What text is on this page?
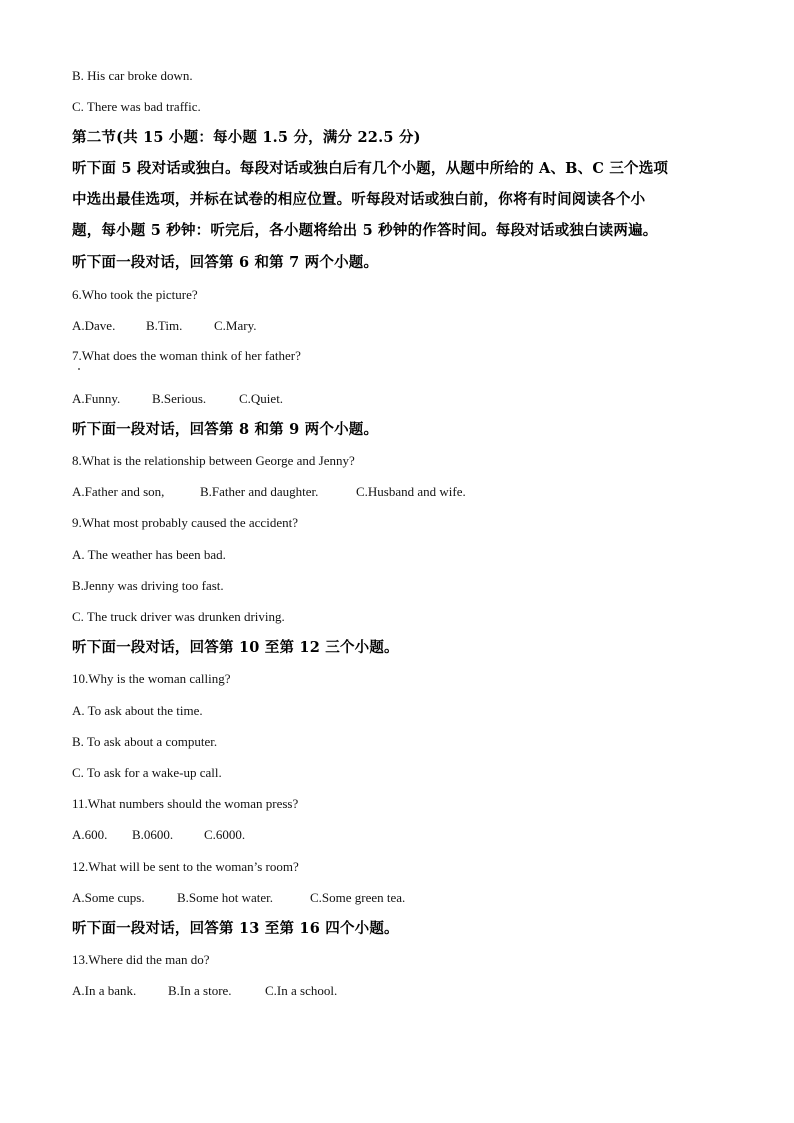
B. His car broke down.
C. There was bad traffic.
第二节(共 15 小题：每小题 1.5 分，满分 22.5 分)
听下面 5 段对话或独白。每段对话或独白后有几个小题，从题中所给的 A、B、C 三个选项
中选出最佳选项，并标在试卷的相应位置。听每段对话或独白前，你将有时间阅读各个小
题，每小题 5 秒钟：听完后，各小题将给出 5 秒钟的作答时间。每段对话或独白读两遍。
听下面一段对话，回答第 6 和第 7 两个小题。
6.Who took the picture?
A.Dave. B.Tim. C.Mary.
7.What does the woman think of her father?
A.Funny. B.Serious.	C.Quiet.
听下面一段对话，回答第 8 和第 9 两个小题。
8.What is the relationship between George and Jenny?
A.Father and son,	B.Father and daughter.	C.Husband and wife.
9.What most probably caused the accident?
A. The weather has been bad.
B.Jenny was driving too fast.
C. The truck driver was drunken driving.
听下面一段对话，回答第 10 至第 12 三个小题。
10.Why is the woman calling?
A. To ask about the time.
B. To ask about a computer.
C. To ask for a wake-up call.
11.What numbers should the woman press?
A.600. B.0600. C.6000.
12.What will be sent to the woman’s room?
A.Some cups. B.Some hot water.	C.Some green tea.
听下面一段对话，回答第 13 至第 16 四个小题。
13.Where did the man do?
A.In a bank. B.In a store.	C.In a school.
